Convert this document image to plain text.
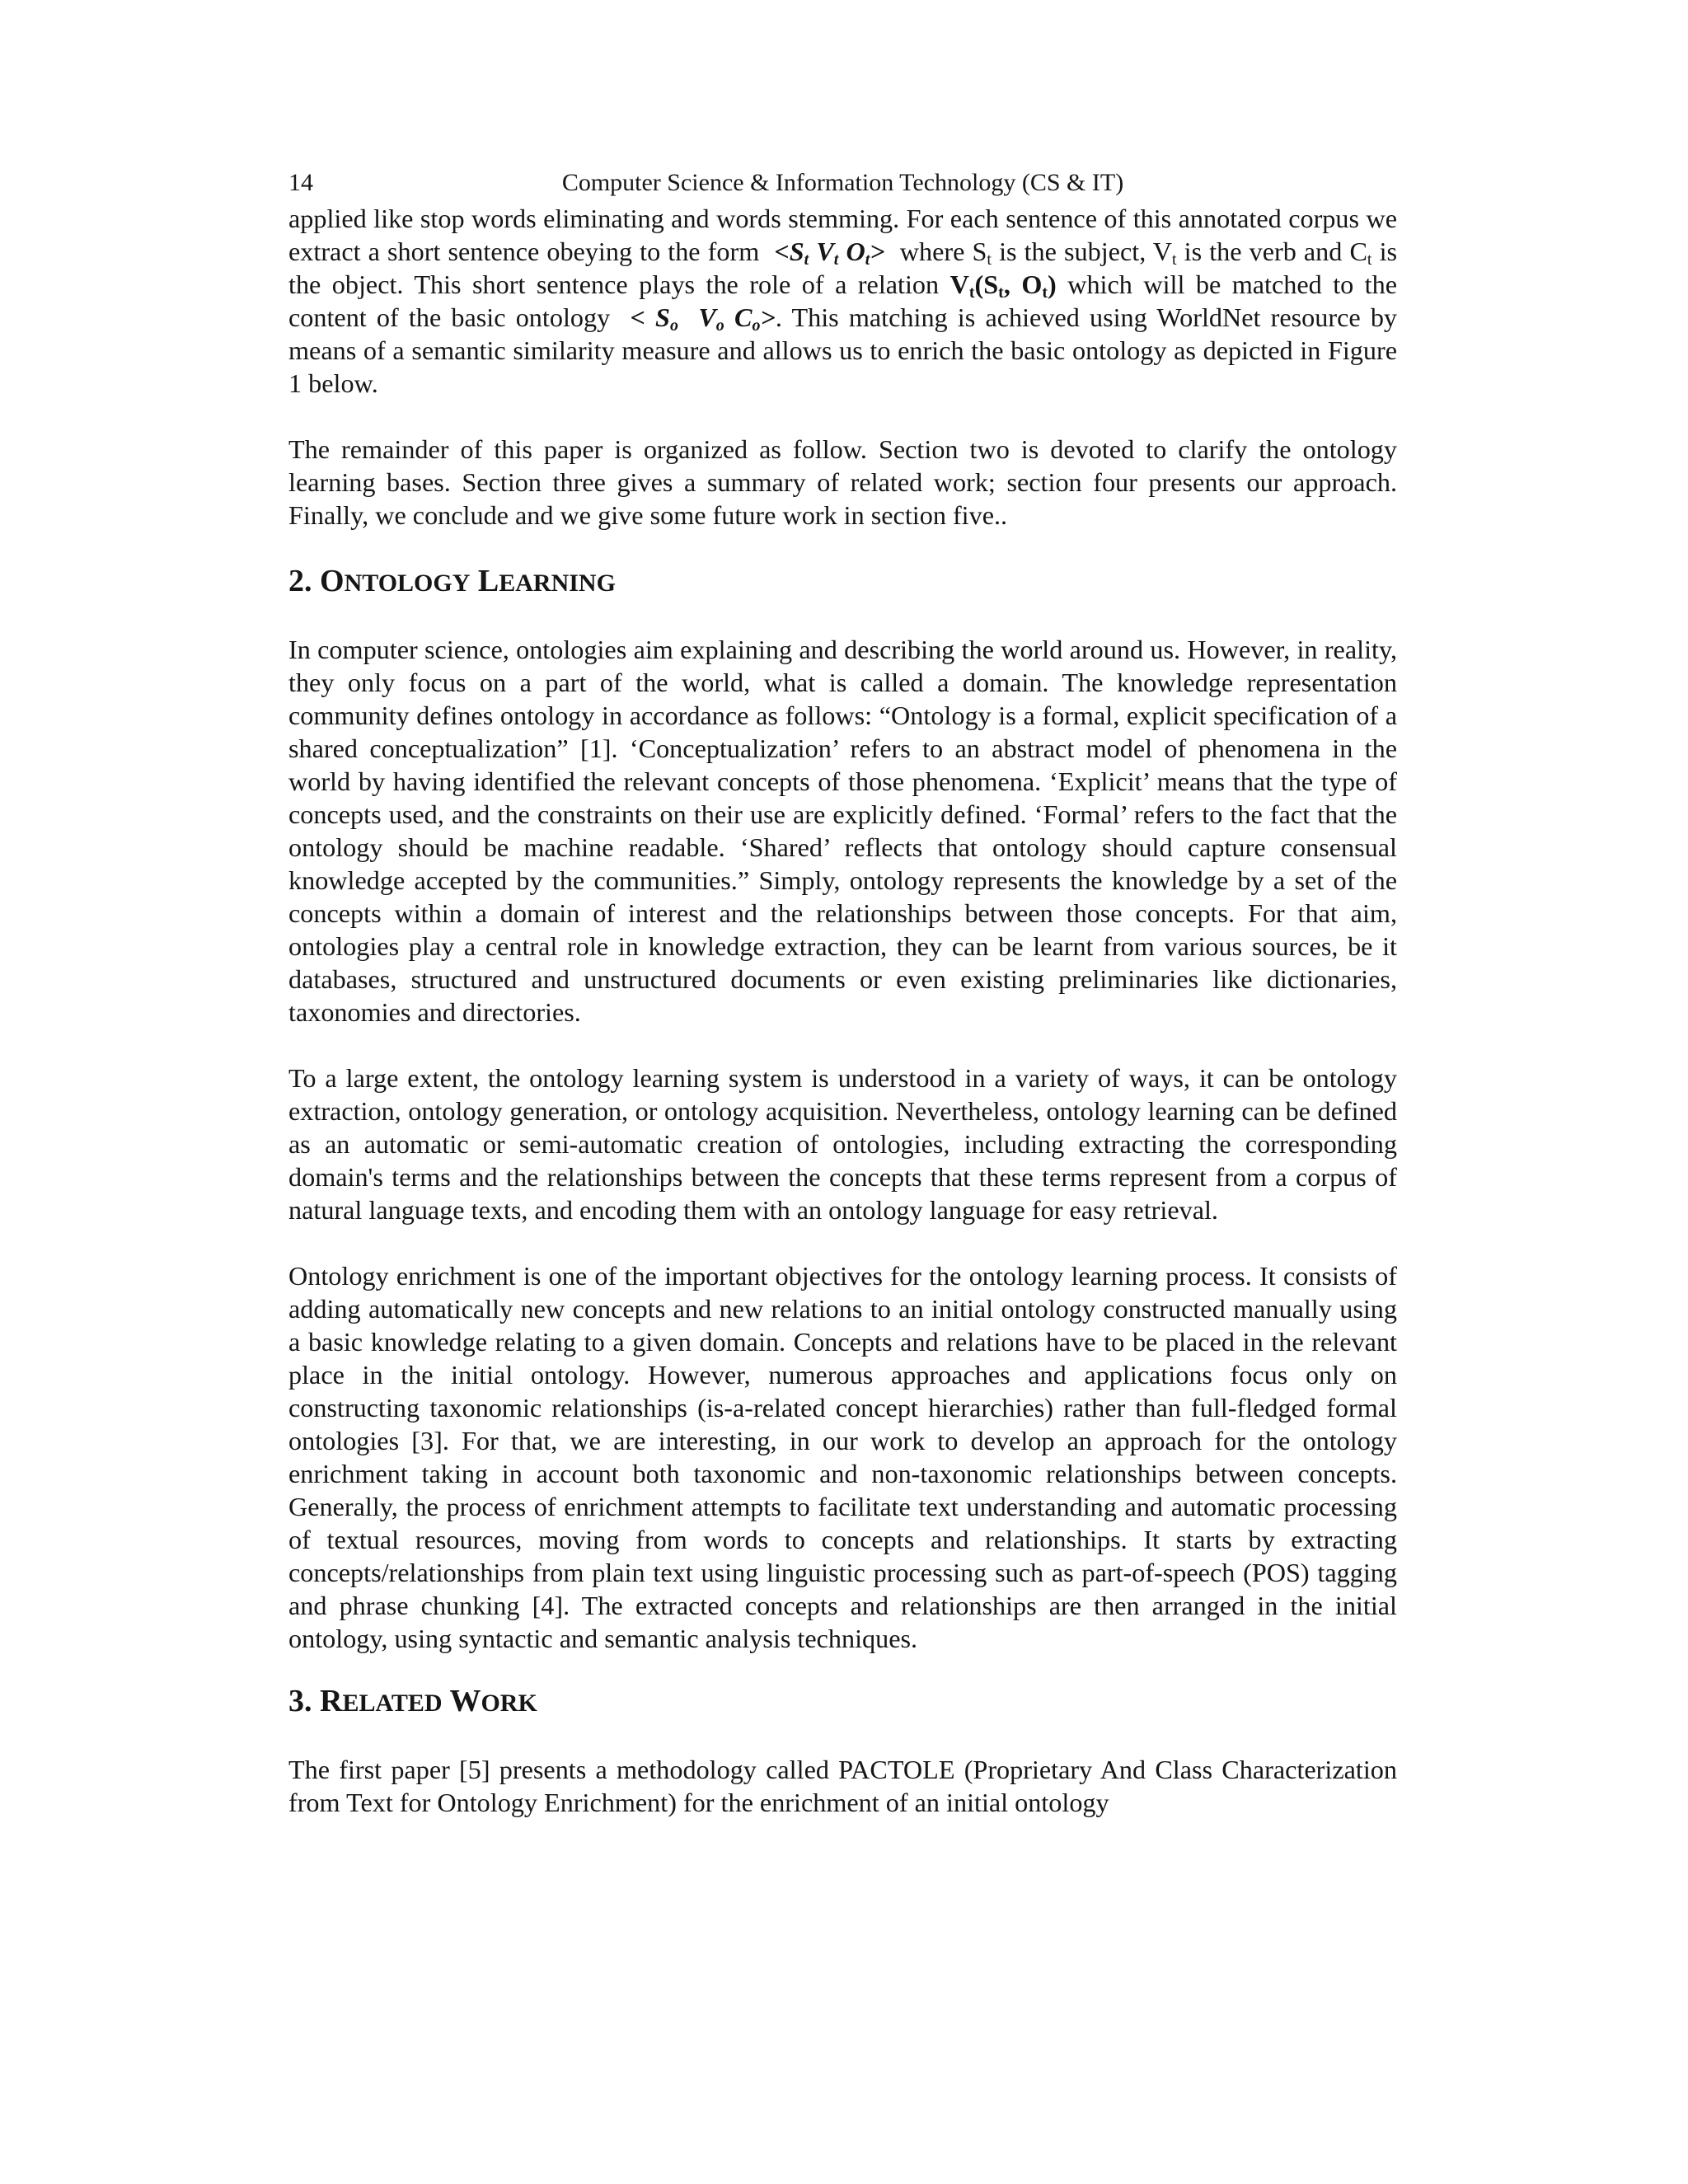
14	Computer Science & Information Technology (CS & IT)

applied like stop words eliminating and words stemming. For each sentence of this annotated corpus we extract a short sentence obeying to the form $<S_t$ $V_t$ $O_t>$ where $S_t$ is the subject, $V_t$ is the verb and $C_t$ is the object. This short sentence plays the role of a relation $V_t(S_t$, $O_t$) which will be matched to the content of the basic ontology < $S_o$ $V_o$ $C_o>$. This matching is achieved using WorldNet resource by means of a semantic similarity measure and allows us to enrich the basic ontology as depicted in Figure 1 below.

The remainder of this paper is organized as follow. Section two is devoted to clarify the ontology learning bases. Section three gives a summary of related work; section four presents our approach. Finally, we conclude and we give some future work in section five..

2. ONTOLOGY LEARNING

In computer science, ontologies aim explaining and describing the world around us. However, in reality, they only focus on a part of the world, what is called a domain. The knowledge representation community defines ontology in accordance as follows: “Ontology is a formal, explicit specification of a shared conceptualization” [1]. ‘Conceptualization’ refers to an abstract model of phenomena in the world by having identified the relevant concepts of those phenomena. ‘Explicit’ means that the type of concepts used, and the constraints on their use are explicitly defined. ‘Formal’ refers to the fact that the ontology should be machine readable. ‘Shared’ reflects that ontology should capture consensual knowledge accepted by the communities.” Simply, ontology represents the knowledge by a set of the concepts within a domain of interest and the relationships between those concepts. For that aim, ontologies play a central role in knowledge extraction, they can be learnt from various sources, be it databases, structured and unstructured documents or even existing preliminaries like dictionaries, taxonomies and directories.

To a large extent, the ontology learning system is understood in a variety of ways, it can be ontology extraction, ontology generation, or ontology acquisition. Nevertheless, ontology learning can be defined as an automatic or semi-automatic creation of ontologies, including extracting the corresponding domain's terms and the relationships between the concepts that these terms represent from a corpus of natural language texts, and encoding them with an ontology language for easy retrieval.

Ontology enrichment is one of the important objectives for the ontology learning process. It consists of adding automatically new concepts and new relations to an initial ontology constructed manually using a basic knowledge relating to a given domain. Concepts and relations have to be placed in the relevant place in the initial ontology. However, numerous approaches and applications focus only on constructing taxonomic relationships (is-a-related concept hierarchies) rather than full-fledged formal ontologies [3]. For that, we are interesting, in our work to develop an approach for the ontology enrichment taking in account both taxonomic and non-taxonomic relationships between concepts. Generally, the process of enrichment attempts to facilitate text understanding and automatic processing of textual resources, moving from words to concepts and relationships. It starts by extracting concepts/relationships from plain text using linguistic processing such as part-of-speech (POS) tagging and phrase chunking [4]. The extracted concepts and relationships are then arranged in the initial ontology, using syntactic and semantic analysis techniques.

3. RELATED WORK

The first paper [5] presents a methodology called PACTOLE (Proprietary And Class Characterization from Text for Ontology Enrichment) for the enrichment of an initial ontology
